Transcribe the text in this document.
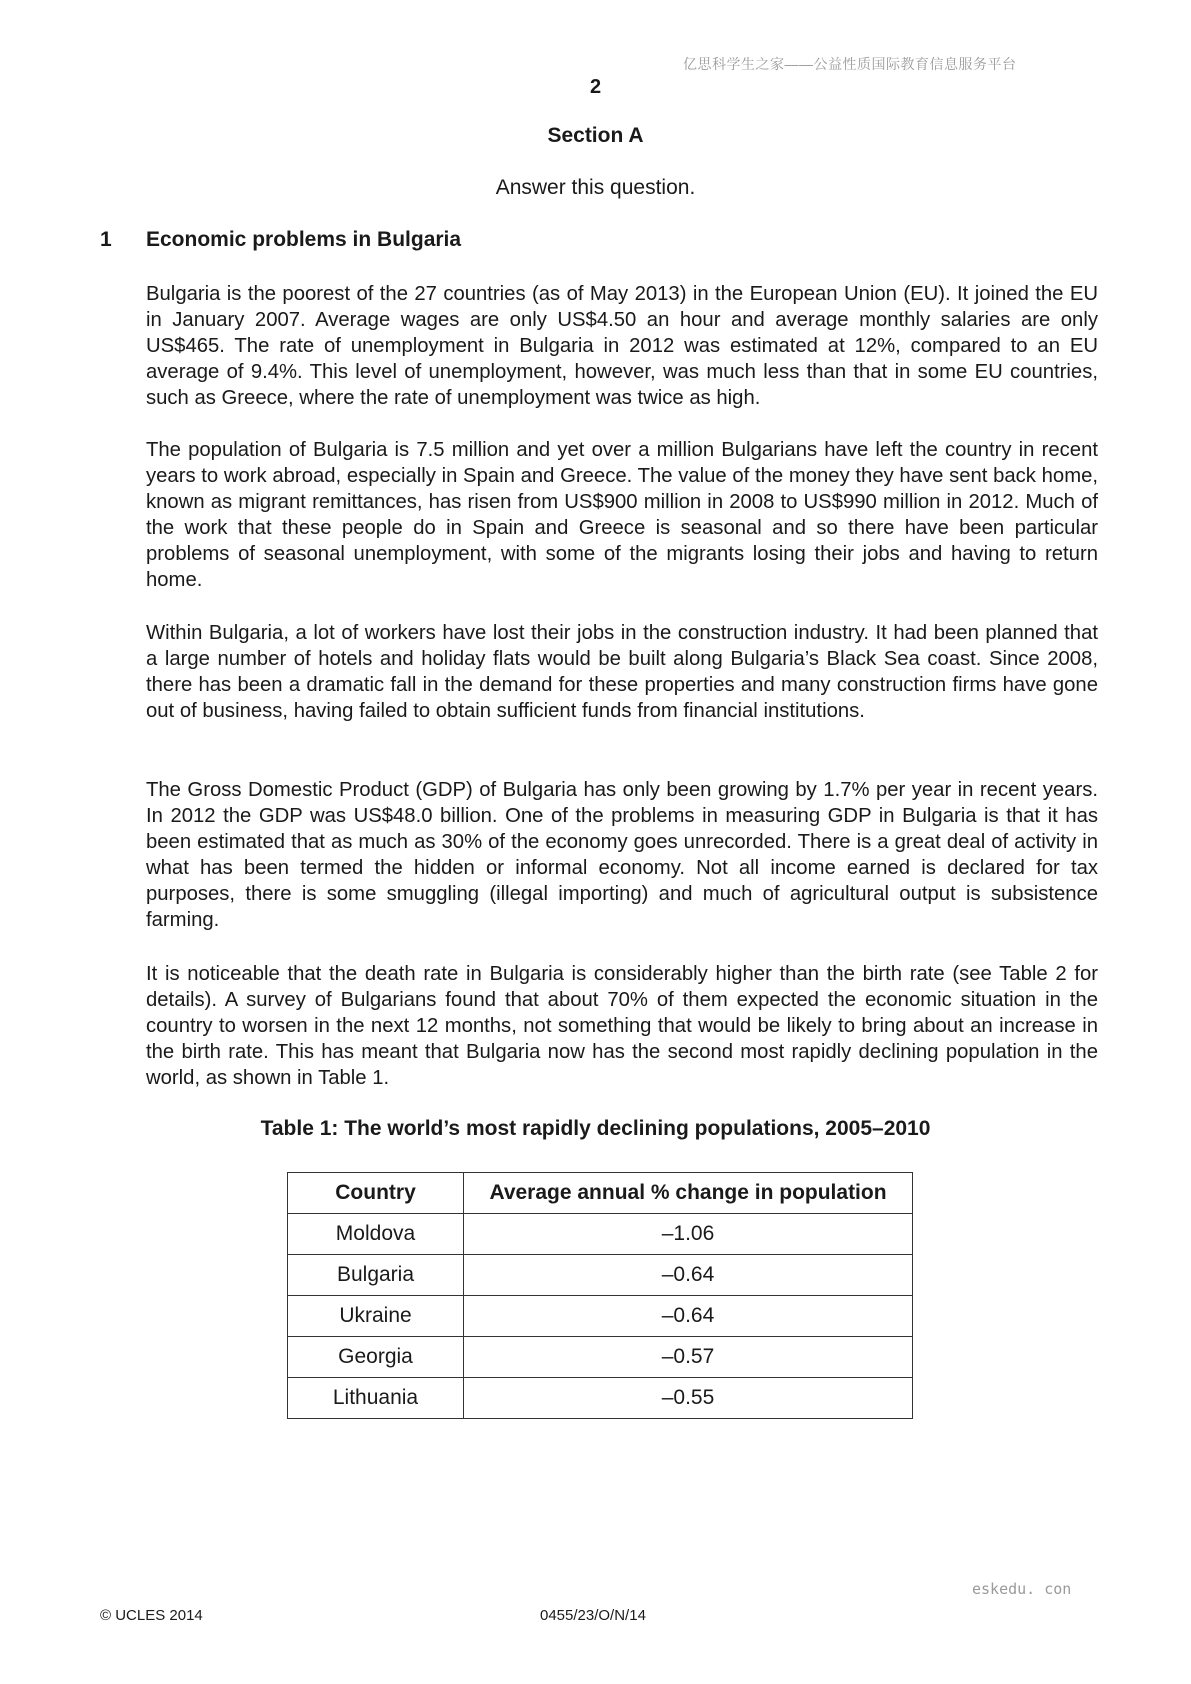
亿思科学生之家——公益性质国际教育信息服务平台
2
Section A
Answer this question.
1 Economic problems in Bulgaria

Bulgaria is the poorest of the 27 countries (as of May 2013) in the European Union (EU). It joined the EU in January 2007. Average wages are only US$4.50 an hour and average monthly salaries are only US$465. The rate of unemployment in Bulgaria in 2012 was estimated at 12%, compared to an EU average of 9.4%. This level of unemployment, however, was much less than that in some EU countries, such as Greece, where the rate of unemployment was twice as high.

The population of Bulgaria is 7.5 million and yet over a million Bulgarians have left the country in recent years to work abroad, especially in Spain and Greece. The value of the money they have sent back home, known as migrant remittances, has risen from US$900 million in 2008 to US$990 million in 2012. Much of the work that these people do in Spain and Greece is seasonal and so there have been particular problems of seasonal unemployment, with some of the migrants losing their jobs and having to return home.

Within Bulgaria, a lot of workers have lost their jobs in the construction industry. It had been planned that a large number of hotels and holiday flats would be built along Bulgaria’s Black Sea coast. Since 2008, there has been a dramatic fall in the demand for these properties and many construction firms have gone out of business, having failed to obtain sufficient funds from financial institutions.

The Gross Domestic Product (GDP) of Bulgaria has only been growing by 1.7% per year in recent years. In 2012 the GDP was US$48.0 billion. One of the problems in measuring GDP in Bulgaria is that it has been estimated that as much as 30% of the economy goes unrecorded. There is a great deal of activity in what has been termed the hidden or informal economy. Not all income earned is declared for tax purposes, there is some smuggling (illegal importing) and much of agricultural output is subsistence farming.

It is noticeable that the death rate in Bulgaria is considerably higher than the birth rate (see Table 2 for details). A survey of Bulgarians found that about 70% of them expected the economic situation in the country to worsen in the next 12 months, not something that would be likely to bring about an increase in the birth rate. This has meant that Bulgaria now has the second most rapidly declining population in the world, as shown in Table 1.

Table 1: The world’s most rapidly declining populations, 2005–2010
Country	Average annual % change in population
Moldova	–1.06
Bulgaria	–0.64
Ukraine	–0.64
Georgia	–0.57
Lithuania	–0.55
eskedu. con
© UCLES 2014	0455/23/O/N/14
